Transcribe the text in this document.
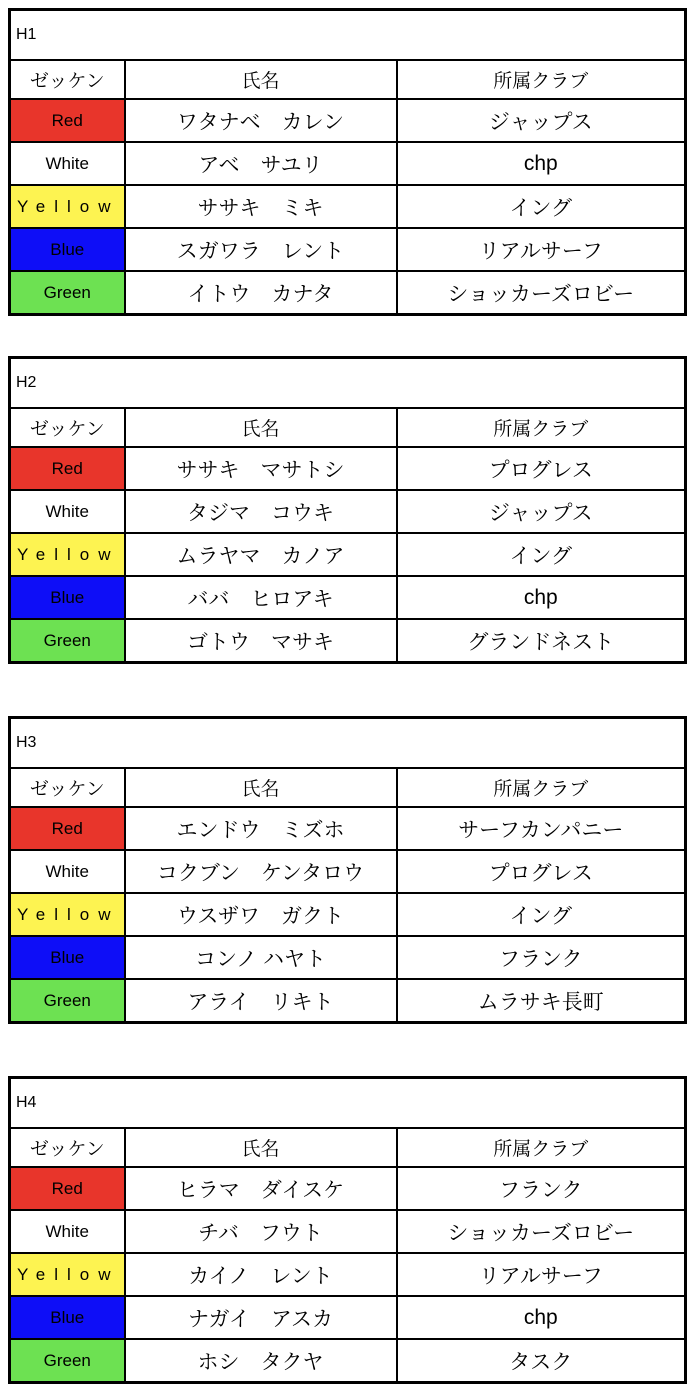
H1		
ゼッケン	氏名	所属クラブ
Red	ワタナベ　カレン	ジャップス
White	アベ　サユリ	chp
Yellow	ササキ　ミキ	イング
Blue	スガワラ　レント	リアルサーフ
Green	イトウ　カナタ	ショッカーズロビー
H2		
ゼッケン	氏名	所属クラブ
Red	ササキ　マサトシ	プログレス
White	タジマ　コウキ	ジャップス
Yellow	ムラヤマ　カノア	イング
Blue	ババ　ヒロアキ	chp
Green	ゴトウ　マサキ	グランドネスト
H3		
ゼッケン	氏名	所属クラブ
Red	エンドウ　ミズホ	サーフカンパニー
White	コクブン　ケンタロウ	プログレス
Yellow	ウスザワ　ガクト	イング
Blue	コンノ ハヤト	フランク
Green	アライ　リキト	ムラサキ長町
H4		
ゼッケン	氏名	所属クラブ
Red	ヒラマ　ダイスケ	フランク
White	チバ　フウト	ショッカーズロビー
Yellow	カイノ　レント	リアルサーフ
Blue	ナガイ　アスカ	chp
Green	ホシ　タクヤ	タスク
